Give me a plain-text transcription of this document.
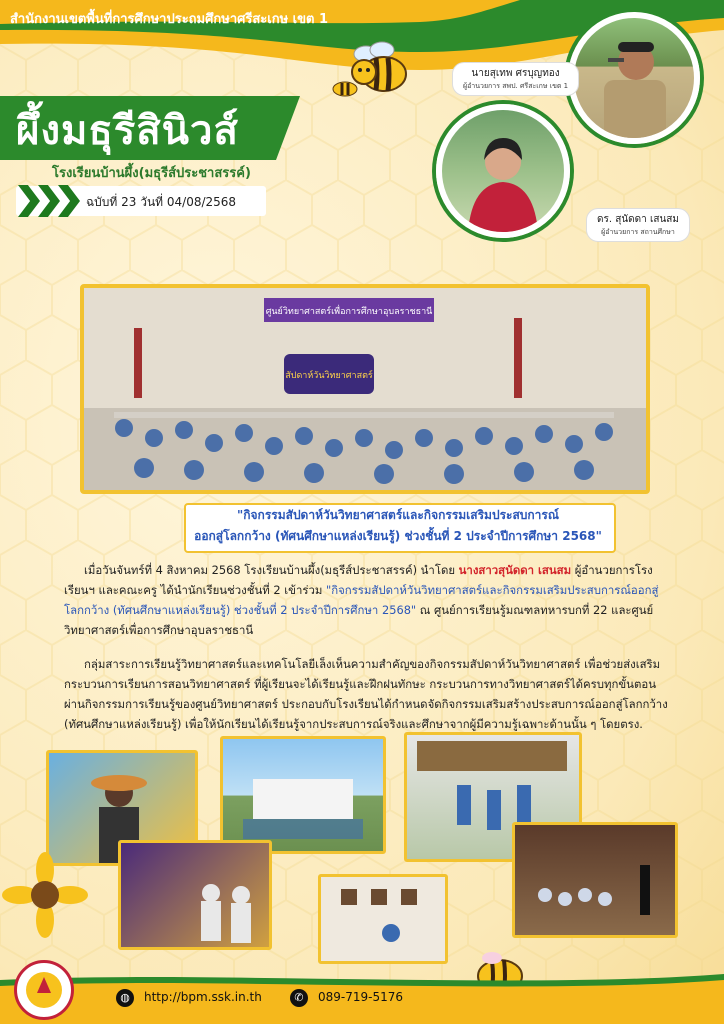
สำนักงานเขตพื้นที่การศึกษาประถมศึกษาศรีสะเกษ เขต 1
ผึ้งมธุรีสินิวส์
โรงเรียนบ้านผึ้ง(มธุรีส์ประชาสรรค์)
ฉบับที่ 23 วันที่ 04/08/2568
นายสุเทพ ศรบุญทอง
ผู้อำนวยการ สพป. ศรีสะเกษ เขต 1
ดร. สุนัดดา เสนสม
ผู้อำนวยการ สถานศึกษา
ศูนย์วิทยาศาสตร์เพื่อการศึกษาอุบลราชธานี
สัปดาห์วันวิทยาศาสตร์
"กิจกรรมสัปดาห์วันวิทยาศาสตร์และกิจกรรมเสริมประสบการณ์
ออกสู่โลกกว้าง (ทัศนศึกษาแหล่งเรียนรู้) ช่วงชั้นที่ 2 ประจำปีการศึกษา 2568"
เมื่อวันจันทร์ที่ 4 สิงหาคม 2568 โรงเรียนบ้านผึ้ง(มธุรีส์ประชาสรรค์) นำโดย นางสาวสุนัดดา เสนสม ผู้อำนวยการโรงเรียนฯ และคณะครู ได้นำนักเรียนช่วงชั้นที่ 2 เข้าร่วม "กิจกรรมสัปดาห์วันวิทยาศาสตร์และกิจกรรมเสริมประสบการณ์ออกสู่โลกกว้าง (ทัศนศึกษาแหล่งเรียนรู้) ช่วงชั้นที่ 2 ประจำปีการศึกษา 2568" ณ ศูนย์การเรียนรู้มณฑลทหารบกที่ 22 และศูนย์วิทยาศาสตร์เพื่อการศึกษาอุบลราชธานี
กลุ่มสาระการเรียนรู้วิทยาศาสตร์และเทคโนโลยีเล็งเห็นความสำคัญของกิจกรรมสัปดาห์วันวิทยาศาสตร์ เพื่อช่วยส่งเสริมกระบวนการเรียนการสอนวิทยาศาสตร์ ที่ผู้เรียนจะได้เรียนรู้และฝึกฝนทักษะ กระบวนการทางวิทยาศาสตร์ได้ครบทุกขั้นตอน ผ่านกิจกรรมการเรียนรู้ของศูนย์วิทยาศาสตร์ ประกอบกับโรงเรียนได้กำหนดจัดกิจกรรมเสริมสร้างประสบการณ์ออกสู่โลกกว้าง (ทัศนศึกษาแหล่งเรียนรู้) เพื่อให้นักเรียนได้เรียนรู้จากประสบการณ์จริงและศึกษาจากผู้มีความรู้เฉพาะด้านนั้น ๆ โดยตรง.
◍	http://bpm.ssk.in.th	✆	089-719-5176
